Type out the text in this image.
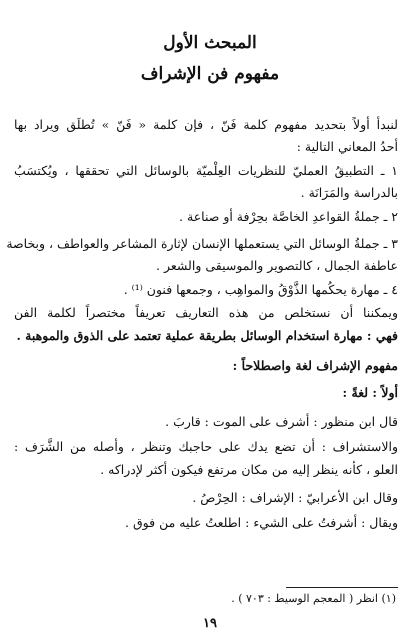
المبحث الأول
مفهوم فن الإشراف
لنبدأ أولاً بتحديد مفهوم كلمة فَنّ ، فإن كلمة « فَنّ » تُطلَق ويراد بها
أحدُ المعاني التالية :
١ ـ التطبيقُ العمليّ للنظريات العِلْميّة بالوسائل التي تحققها ، ويُكتسَبُ
بالدراسة والمَرَانَة .
٢ ـ جملةُ القواعدِ الخاصَّة بحِرْفة أو صناعة .
٣ ـ جملةُ الوسائل التي يستعملها الإنسان لإثارة المشاعر والعواطف ، وبخاصة
عاطفة الجمال ، كالتصوير والموسيقى والشعر .
٤ ـ مهارة يحكُمها الذَّوْقُ والمواهِب ، وجمعها فنون ⁽¹⁾ .
ويمكننا أن نستخلص من هذه التعاريف تعريفاً مختصراً لكلمة الفن
فهي : مهارة استخدام الوسائل بطريقة عملية تعتمد على الذوق والموهبة .
مفهوم الإشراف لغة واصطلاحاً :
أولاً : لغةً :
قال ابن منظور : أشرف على الموت : قاربَ .
والاستشراف : أن تضع يدك على حاجبك وتنظر ، وأصله من الشَّرَف :
العلو ، كأنه ينظر إليه من مكان مرتفع فيكون أكثر لإدراكه .
وقال ابن الأعرابيّ : الإشراف : الحِرْصُ .
ويقال : أشرفتُ على الشيء : اطلعتُ عليه من فوق .
(١) انظر ( المعجم الوسيط : ٧٠٣ ) .
١٩
